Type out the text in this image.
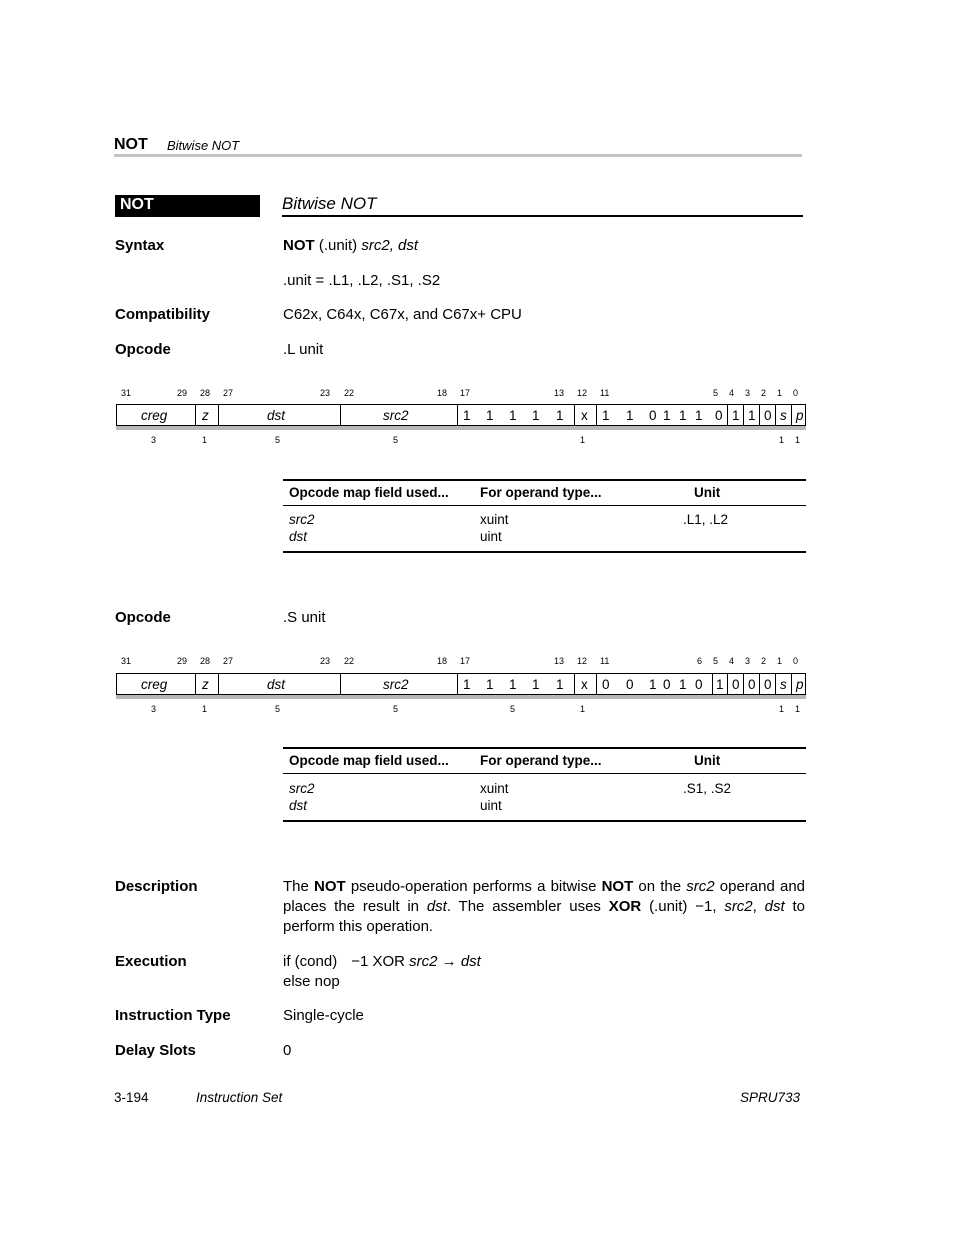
NOT Bitwise NOT
NOT	Bitwise NOT
Syntax	NOT (.unit) src2, dst
.unit = .L1, .L2, .S1, .S2
Compatibility	C62x, C64x, C67x, and C67x+ CPU
Opcode	.L unit
31	29 28 27	23 22	18 17	13 12 11	5 4 3 2 1 0
creg	z	dst	src2	1 1 1 1 1 x 1 1 0 1 1 1 0 1 1 0 s p
3	1	5	5	1	1 1
Opcode map field used... For operand type...	Unit
src2	xuint	.L1, .L2
dst	uint
Opcode	.S unit
31	29 28 27	23 22	18 17	13 12 11	6 5 4 3 2 1 0
creg	z	dst	src2	1 1 1 1 1 x 0 0 1 0 1 0 1 0 0 0 s p
3	1	5	5	5	1	1 1
Opcode map field used... For operand type...	Unit
src2	xuint	.S1, .S2
dst	uint
Description	The NOT pseudo-operation performs a bitwise NOT on the src2 operand and places the result in dst. The assembler uses XOR (.unit) −1, src2, dst to perform this operation.
Execution	if (cond) −1 XOR src2 → dst
else nop
Instruction Type	Single-cycle
Delay Slots	0
3-194	Instruction Set	SPRU733
